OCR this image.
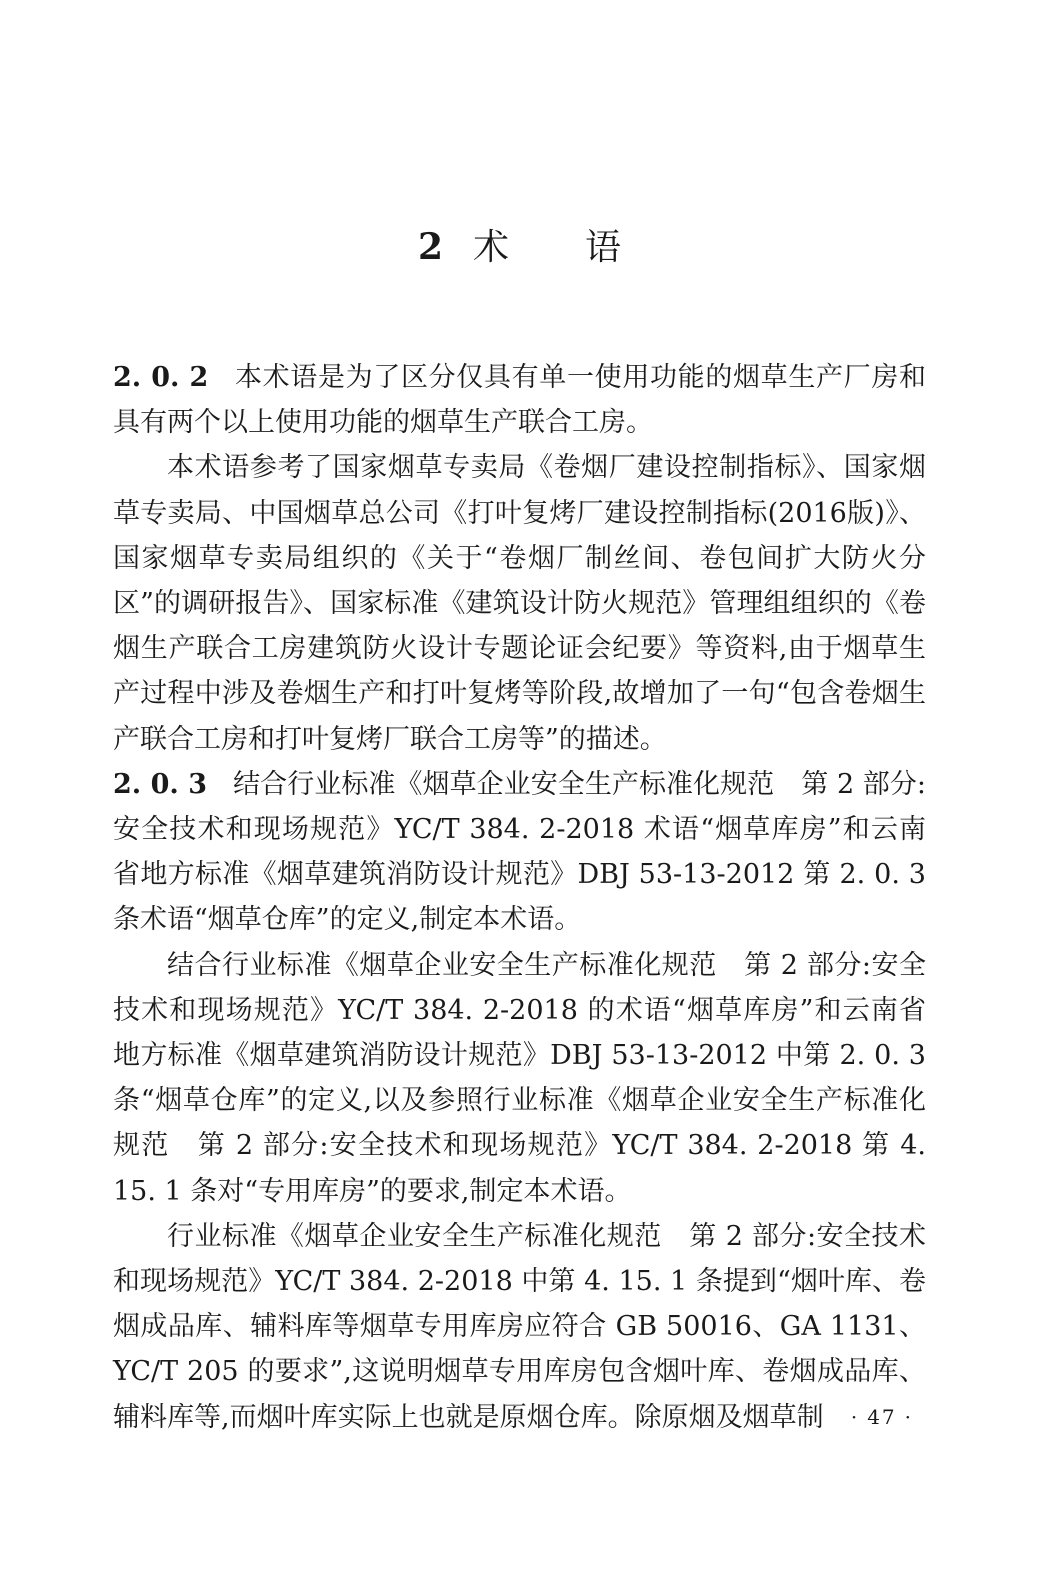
2 术 语

2. 0. 2 本术语是为了区分仅具有单一使用功能的烟草生产厂房和具有两个以上使用功能的烟草生产联合工房。

本术语参考了国家烟草专卖局《卷烟厂建设控制指标》、国家烟草专卖局、中国烟草总公司《打叶复烤厂建设控制指标(2016版)》、国家烟草专卖局组织的《关于“卷烟厂制丝间、卷包间扩大防火分区”的调研报告》、国家标准《建筑设计防火规范》管理组组织的《卷烟生产联合工房建筑防火设计专题论证会纪要》等资料,由于烟草生产过程中涉及卷烟生产和打叶复烤等阶段,故增加了一句“包含卷烟生产联合工房和打叶复烤厂联合工房等”的描述。

2. 0. 3 结合行业标准《烟草企业安全生产标准化规范　第 2 部分:安全技术和现场规范》YC/T 384. 2-2018 术语“烟草库房”和云南省地方标准《烟草建筑消防设计规范》DBJ 53-13-2012 第 2. 0. 3 条术语“烟草仓库”的定义,制定本术语。

结合行业标准《烟草企业安全生产标准化规范　第 2 部分:安全技术和现场规范》YC/T 384. 2-2018 的术语“烟草库房”和云南省地方标准《烟草建筑消防设计规范》DBJ 53-13-2012 中第 2. 0. 3 条“烟草仓库”的定义,以及参照行业标准《烟草企业安全生产标准化规范　第 2 部分:安全技术和现场规范》YC/T 384. 2-2018 第 4. 15. 1 条对“专用库房”的要求,制定本术语。

行业标准《烟草企业安全生产标准化规范　第 2 部分:安全技术和现场规范》YC/T 384. 2-2018 中第 4. 15. 1 条提到“烟叶库、卷烟成品库、辅料库等烟草专用库房应符合 GB 50016、GA 1131、YC/T 205 的要求”,这说明烟草专用库房包含烟叶库、卷烟成品库、辅料库等,而烟叶库实际上也就是原烟仓库。除原烟及烟草制	· 47 ·
